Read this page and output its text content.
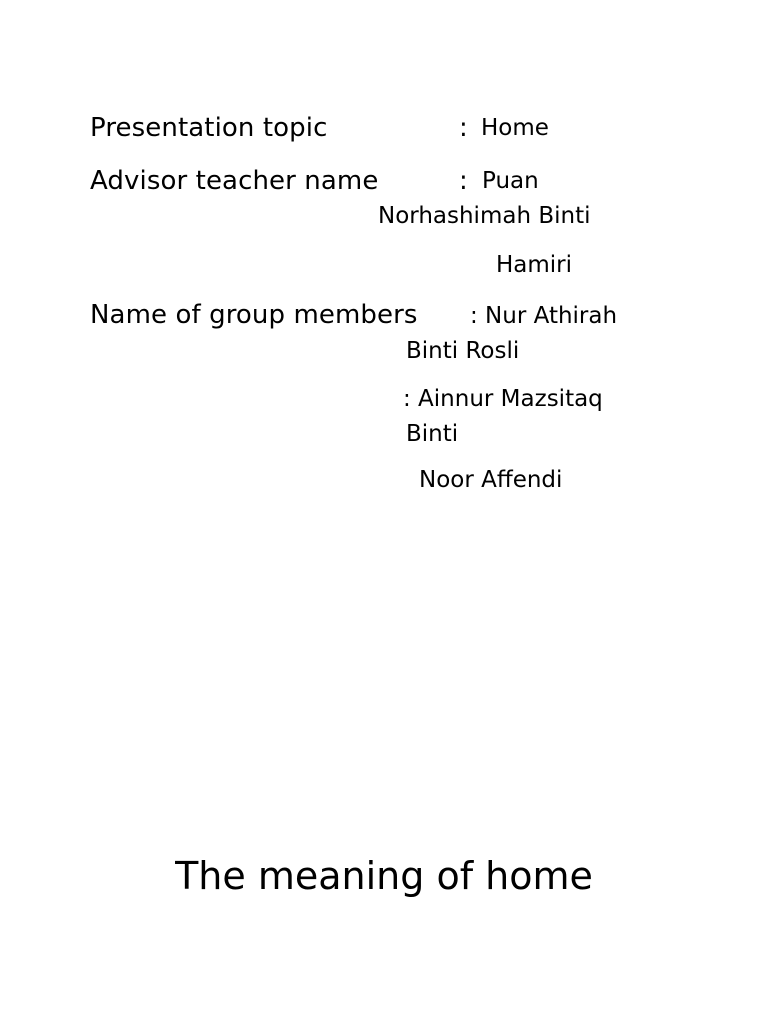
Presentation topic	: Home
Advisor teacher name	: Puan
Norhashimah Binti
Hamiri
Name of group members : Nur Athirah
Binti Rosli
: Ainnur Mazsitaq
Binti
Noor Affendi
The meaning of home
